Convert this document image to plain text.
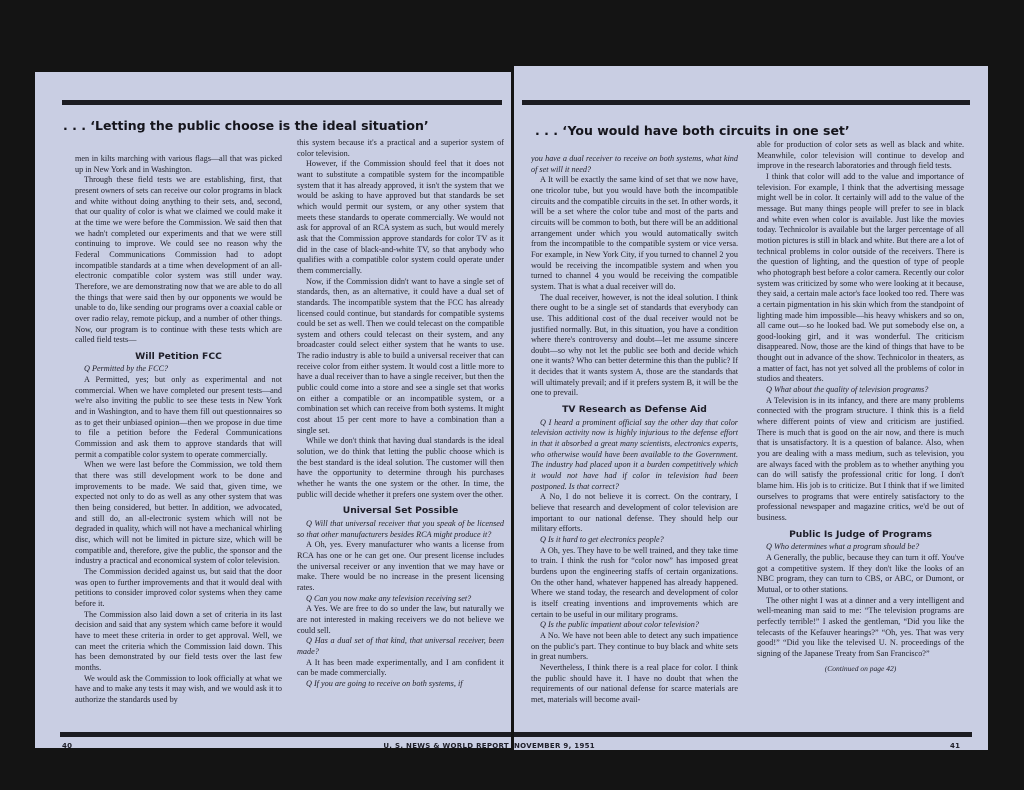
. . . ‘Letting the public choose is the ideal situation’

men in kilts marching with various flags—all that was picked up in New York and in Washington.

Through these field tests we are establishing, first, that present owners of sets can receive our color programs in black and white without doing anything to their sets, and, second, that our quality of color is what we claimed we could make it at the time we were before the Commission. We said then that we hadn't completed our experiments and that we were still continuing to improve. We could see no reason why the Federal Communications Commission had to adopt incompatible standards at a time when development of an all-electronic compatible color system was still under way. Therefore, we are demonstrating now that we are able to do all the things that were said then by our opponents we would be unable to do, like sending our programs over a coaxial cable or over radio relay, remote pickup, and a number of other things. Now, our program is to continue with these tests which are called field tests—

Will Petition FCC

Q Permitted by the FCC?

A Permitted, yes; but only as experimental and not commercial. When we have completed our present tests—and we're also inviting the public to see these tests in New York and in Washington, and to have them fill out questionnaires so as to get their unbiased opinion—then we propose in due time to file a petition before the Federal Communications Commission and ask them to approve standards that will permit a compatible color system to operate commercially.

When we were last before the Commission, we told them that there was still development work to be done and improvements to be made. We said that, given time, we expected not only to do as well as any other system that was then being considered, but better. In addition, we advocated, and still do, an all-electronic system which will not be degraded in quality, which will not have a mechanical whirling disc, which will not be limited in picture size, which will be compatible and, therefore, give the public, the sponsor and the industry a practical and economical system of color television.

The Commission decided against us, but said that the door was open to further improvements and that it would deal with petitions to consider improved color systems when they came before it.

The Commission also laid down a set of criteria in its last decision and said that any system which came before it would have to meet these criteria in order to get approval. Well, we can meet the criteria which the Commission laid down. This has been demonstrated by our field tests over the last few months.

We would ask the Commission to look officially at what we have and to make any tests it may wish, and we would ask it to authorize the standards used by

this system because it's a practical and a superior system of color television.

However, if the Commission should feel that it does not want to substitute a compatible system for the incompatible system that it has already approved, it isn't the system that we would be asking to have approved but that standards be set which would permit our system, or any other system that meets these standards to operate commercially. We would not ask for approval of an RCA system as such, but would merely ask that the Commission approve standards for color TV as it did in the case of black-and-white TV, so that anybody who qualifies with a compatible color system could operate under them commercially.

Now, if the Commission didn't want to have a single set of standards, then, as an alternative, it could have a dual set of standards. The incompatible system that the FCC has already licensed could continue, but standards for compatible systems could be set as well. Then we could telecast on the compatible system and others could telecast on their system, and any broadcaster could select either system that he wants to use. The radio industry is able to build a universal receiver that can receive color from either system. It would cost a little more to have a dual receiver than to have a single receiver, but then the public could come into a store and see a single set that works on either a compatible or an incompatible system, or a combination set which can receive from both systems. It might cost about 15 per cent more to have a combination than a single set.

While we don't think that having dual standards is the ideal solution, we do think that letting the public choose which is the best standard is the ideal solution. The customer will then have the opportunity to determine through his purchases whether he wants the one system or the other. In time, the public will decide whether it prefers one system over the other.

Universal Set Possible

Q Will that universal receiver that you speak of be licensed so that other manufacturers besides RCA might produce it?

A Oh, yes. Every manufacturer who wants a license from RCA has one or he can get one. Our present license includes the universal receiver or any invention that we may have or make. There would be no increase in the present licensing rates.

Q Can you now make any television receiving set?

A Yes. We are free to do so under the law, but naturally we are not interested in making receivers we do not believe we could sell.

Q Has a dual set of that kind, that universal receiver, been made?

A It has been made experimentally, and I am confident it can be made commercially.

Q If you are going to receive on both systems, if

40	U. S. NEWS & WORLD REPORT
. . . ‘You would have both circuits in one set’

you have a dual receiver to receive on both systems, what kind of set will it need?

A It will be exactly the same kind of set that we now have, one tricolor tube, but you would have both the incompatible circuits and the compatible circuits in the set. In other words, it will be a set where the color tube and most of the parts and circuits will be common to both, but there will be an additional arrangement under which you would automatically switch from the incompatible to the compatible system or vice versa. For example, in New York City, if you turned to channel 2 you would be receiving the incompatible system and when you turned to channel 4 you would be receiving the compatible system. That is what a dual receiver will do.

The dual receiver, however, is not the ideal solution. I think there ought to be a single set of standards that everybody can use. This additional cost of the dual receiver would not be justified normally. But, in this situation, you have a condition where there's controversy and doubt—let me assume sincere doubt—so why not let the public see both and decide which one it wants? Who can better determine this than the public? If it decides that it wants system A, those are the standards that will ultimately prevail; and if it prefers system B, it will be the one to prevail.

TV Research as Defense Aid

Q I heard a prominent official say the other day that color television activity now is highly injurious to the defense effort in that it absorbed a great many scientists, electronics experts, who otherwise would have been available to the Government. The industry had placed upon it a burden competitively which it would not have had if color in television had been postponed. Is that correct?

A No, I do not believe it is correct. On the contrary, I believe that research and development of color television are important to our national defense. They should help our military efforts.

Q Is it hard to get electronics people?

A Oh, yes. They have to be well trained, and they take time to train. I think the rush for “color now” has imposed great burdens upon the engineering staffs of certain organizations. On the other hand, whatever happened has already happened. Where we stand today, the research and development of color is itself creating inventions and improvements which are certain to be useful in our military programs.

Q Is the public impatient about color television?

A No. We have not been able to detect any such impatience on the public's part. They continue to buy black and white sets in great numbers.

Nevertheless, I think there is a real place for color. I think the public should have it. I have no doubt that when the requirements of our national defense for scarce materials are met, materials will become avail-

able for production of color sets as well as black and white. Meanwhile, color television will continue to develop and improve in the research laboratories and through field tests.

I think that color will add to the value and importance of television. For example, I think that the advertising message might well be in color. It certainly will add to the value of the message. But many things people will prefer to see in black and white even when color is available. Just like the movies today. Technicolor is available but the larger percentage of all motion pictures is still in black and white. But there are a lot of technical problems in color outside of the receivers. There is the question of lighting, and the question of type of people who photograph best before a color camera. Recently our color system was criticized by some who were looking at it because, they said, a certain male actor's face looked too red. There was a certain pigmentation in his skin which from the standpoint of lighting made him impossible—his heavy whiskers and so on, all came out—so he looked bad. We put somebody else on, a good-looking girl, and it was wonderful. The criticism disappeared. Now, those are the kind of things that have to be thought out in advance of the show. Technicolor in theaters, as a matter of fact, has not yet solved all the problems of color in studios and theaters.

Q What about the quality of television programs?

A Television is in its infancy, and there are many problems connected with the program structure. I think this is a field where different points of view and criticism are justified. There is much that is good on the air now, and there is much that is unsatisfactory. It is a question of balance. Also, when you are dealing with a mass medium, such as television, you are always faced with the problem as to whether anything you can do will satisfy the professional critic for long. I don't blame him. His job is to criticize. But I think that if we limited ourselves to programs that were entirely satisfactory to the professional newspaper and magazine critics, we'd be out of business.

Public Is Judge of Programs

Q Who determines what a program should be?

A Generally, the public, because they can turn it off. You've got a competitive system. If they don't like the looks of an NBC program, they can turn to CBS, or ABC, or Dumont, or Mutual, or to other stations.

The other night I was at a dinner and a very intelligent and well-meaning man said to me: “The television programs are perfectly terrible!” I asked the gentleman, “Did you like the telecasts of the Kefauver hearings?” “Oh, yes. That was very good!” “Did you like the televised U. N. proceedings of the signing of the Japanese Treaty from San Francisco?”

(Continued on page 42)

NOVEMBER 9, 1951	41
